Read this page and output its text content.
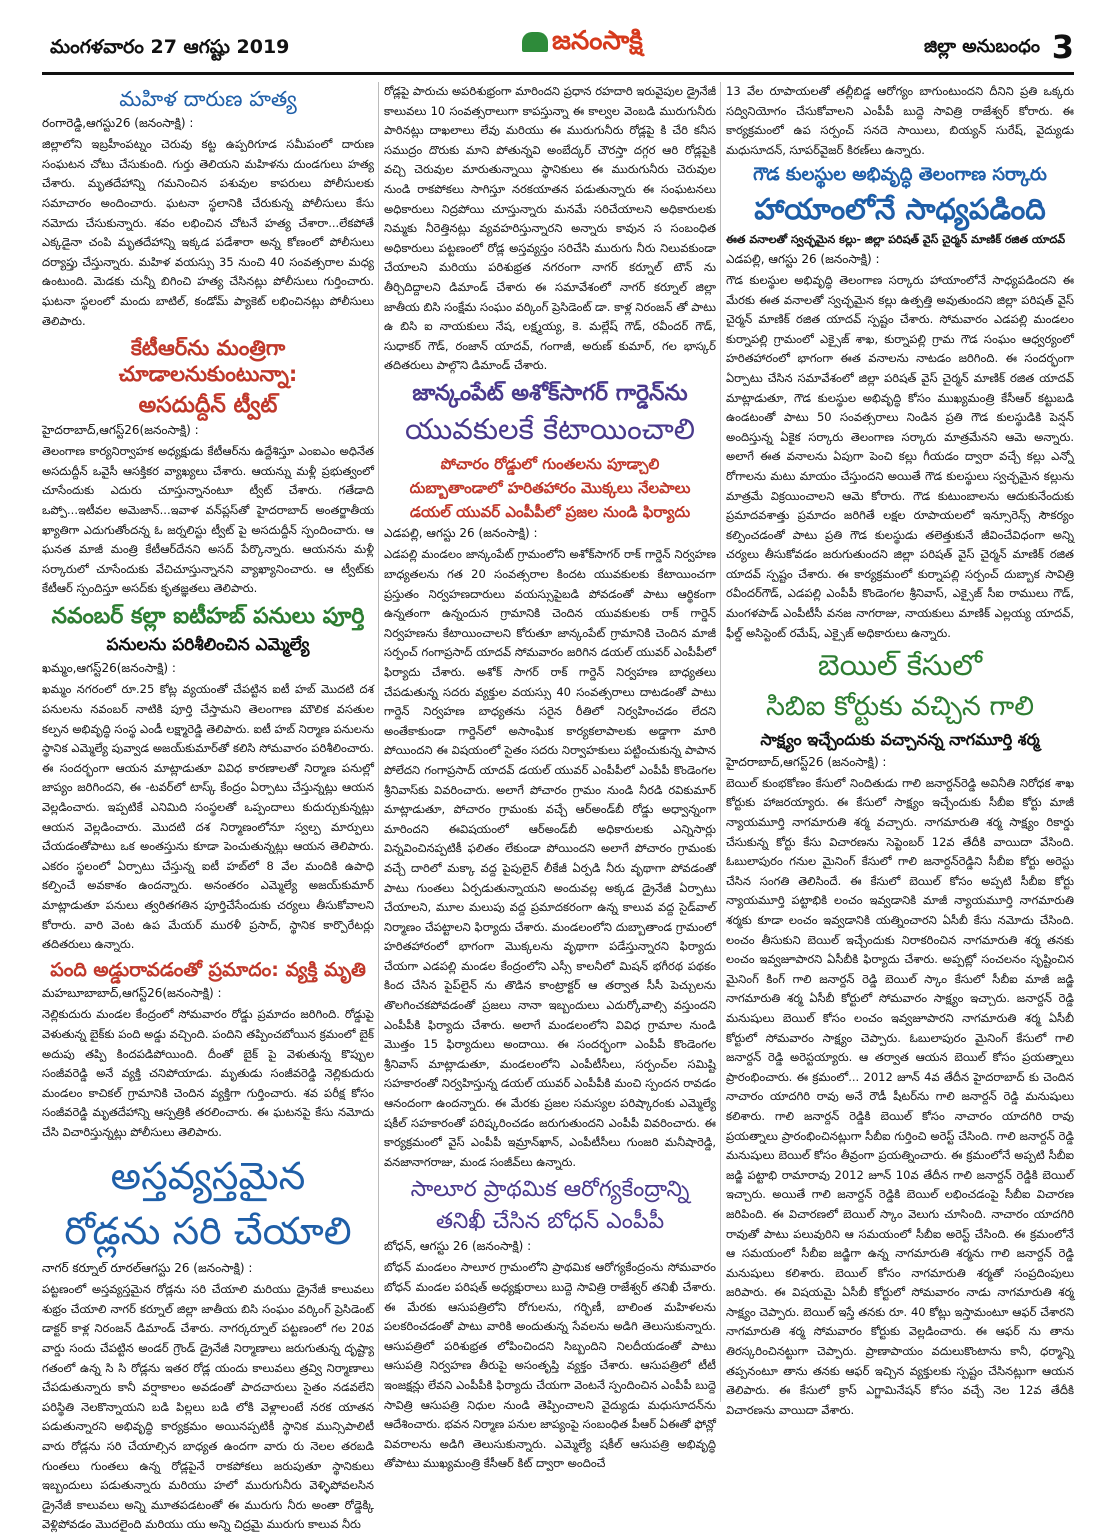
మంగళవారం 27 ఆగష్టు 2019	జనంసాక్షి	జిల్లా అనుబంధం 3
మహిళ దారుణ హత్య
రంగారెడ్డి,ఆగస్టు26 (జనంసాక్షి) :

జిల్లాలోని ఇబ్రహీంపట్నం చెరువు కట్ట ఉప్పరిగూడ సమీపంలో దారుణ సంఘటన చోటు చేసుకుంది. గుర్తు తెలియని మహిళను దుండగులు హత్య చేశారు. మృతదేహాన్ని గమనించిన పశువుల కాపరులు పోలీసులకు సమాచారం అందించారు. ఘటనా స్థలానికి చేరుకున్న పోలీసులు కేసు నమోదు చేసుకున్నారు. శవం లభించిన చోటనే హత్య చేశారా...లేకపోతే ఎక్కడైనా చంపి మృతదేహాన్ని ఇక్కడ పడేశారా అన్న కోణంలో పోలీసులు దర్యాప్తు చేస్తున్నారు. మహిళ వయస్సు 35 నుంచి 40 సంవత్సరాల మధ్య ఉంటుంది. మెడకు చున్నీ బిగించి హత్య చేసినట్లు పోలీసులు గుర్తించారు. ఘటనా స్థలంలో మందు బాటిల్, కండోమ్ ప్యాకెట్ లభించినట్లు పోలీసులు తెలిపారు.

కేటీఆర్‌ను మంత్రిగా చూడాలనుకుంటున్నా:
అసదుద్దీన్ ట్వీట్
హైదరాబాద్,ఆగస్ట్26(జనంసాక్షి) :

తెలంగాణ కార్యనిర్వాహక అధ్యక్షుడు కేటీఆర్‌ను ఉద్దేశిస్తూ ఎంఐఎం అధినేత అసదుద్దీన్ ఒవైసీ ఆసక్తికర వ్యాఖ్యలు చేశారు. ఆయన్ను మళ్లీ ప్రభుత్వంలో చూసేందుకు ఎదురు చూస్తున్నానంటూ ట్వీట్ చేశారు. గతేడాది ఒప్పో...ఇటీవల అమెజాన్...ఇవాళ వన్‌ప్లస్‌తో హైదరాబాద్ అంతర్జాతీయ ఖ్యాతిగా ఎదుగుతోందన్న ఓ జర్నలిస్టు ట్వీట్ పై అసదుద్దీన్ స్పందించారు. ఆ ఘనత మాజీ మంత్రి కేటీఆర్‌దేనని అసద్ పేర్కొన్నారు. ఆయనను మళ్లీ సర్కారులో చూసేందుకు వేచిచూస్తున్నానని వ్యాఖ్యానించారు. ఆ ట్వీట్‌కు కేటీఆర్ స్పందిస్తూ అసద్‌కు కృతజ్ఞతలు తెలిపారు.

నవంబర్ కల్లా ఐటీహబ్ పనులు పూర్తి
పనులను పరిశీలించిన ఎమ్మెల్యే
ఖమ్మం,ఆగస్ట్26(జనంసాక్షి) :

ఖమ్మం నగరంలో రూ.25 కోట్ల వ్యయంతో చేపట్టిన ఐటీ హబ్ మొదటి దశ పనులను నవంబర్ నాటికి పూర్తి చేస్తామని తెలంగాణ మౌలిక వసతుల కల్పన అభివృద్ధి సంస్థ ఎండీ లక్ష్మారెడ్డి తెలిపారు. ఐటీ హబ్ నిర్మాణ పనులను స్థానిక ఎమ్మెల్యే పువ్వాడ అజయ్‌కుమార్‌తో కలిసి సోమవారం పరిశీలించారు. ఈ సందర్భంగా ఆయన మాట్లాడుతూ వివిధ కారణాలతో నిర్మాణ పనుల్లో జాప్యం జరిగిందని, ఈ -టవర్‌లో టాస్క్ కేంద్రం ఏర్పాటు చేస్తున్నట్లు ఆయన వెల్లడించారు. ఇప్పటికే ఎనిమిది సంస్థలతో ఒప్పందాలు కుదుర్చుకున్నట్లు ఆయన వెల్లడించారు. మొదటి దశ నిర్మాణంలోనూ స్వల్ప మార్పులు చేయడంతోపాటు ఒక అంతస్తును కూడా పెంచుతున్నట్లు ఆయన తెలిపారు. ఎకరం స్థలంలో ఏర్పాటు చేస్తున్న ఐటీ హబ్‌లో 8 వేల మందికి ఉపాధి కల్పించే అవకాశం ఉందన్నారు. అనంతరం ఎమ్మెల్యే అజయ్‌కుమార్ మాట్లాడుతూ పనులు త్వరితగతిన పూర్తిచేసేందుకు చర్యలు తీసుకోవాలని కోరారు. వారి వెంట ఉప మేయర్ మురళీ ప్రసాద్, స్థానిక కార్పొరేటర్లు తదితరులు ఉన్నారు.

పంది అడ్డురావడంతో ప్రమాదం: వ్యక్తి మృతి
మహబూబాబాద్,ఆగస్ట్26(జనంసాక్షి) :

నెల్లికుదురు మండల కేంద్రంలో సోమవారం రోడ్డు ప్రమాదం జరిగింది. రోడ్డుపై వెళుతున్న బైక్‌కు పంది అడ్డు వచ్చింది. పందిని తప్పించబోయిన క్రమంలో బైక్ అదుపు తప్పి కిందపడిపోయింది. దీంతో బైక్ పై వెళుతున్న కొప్పుల సంజీవరెడ్డి అనే వ్యక్తి చనిపోయాడు. మృతుడు సంజీవరెడ్డి నెల్లికుదురు మండలం కాచికల్ గ్రామానికి చెందిన వ్యక్తిగా గుర్తించారు. శవ పరీక్ష కోసం సంజీవరెడ్డి మృతదేహాన్ని ఆస్పత్రికి తరలించారు. ఈ ఘటనపై కేసు నమోదు చేసి విచారిస్తున్నట్లు పోలీసులు తెలిపారు.

అస్తవ్యస్తమైన
రోడ్లను సరి చేయాలి
నాగర్ కర్నూల్ రూరల్‌ఆగస్టు 26 (జనంసాక్షి) :

పట్టణంలో అస్తవ్యస్తమైన రోడ్లను సరి చేయాలి మరియు డ్రైనేజీ కాలువలు శుభ్రం చేయాలి నాగర్ కర్నూల్ జిల్లా జాతీయ బిసి సంఘం వర్కింగ్ ప్రెసిడెంట్ డాక్టర్ కాళ్ల నిరంజన్ డిమాండ్ చేశారు. నాగర్కర్నూల్ పట్టణంలో గల 20వ వార్డు సందు చేపట్టిన అండర్ గ్రౌండ్ డ్రైనేజీ నిర్మాణాలు జరుగుతున్న దృష్ట్యా గతంలో ఉన్న సి సి రోడ్లను ఇతర రోడ్ల యందు కాలువలు త్రవ్వి నిర్మాణాలు చేపడుతున్నారు కానీ వర్షాకాలం అవడంతో పాదచారులు సైతం నడవలేని పరిస్థితి నెలకొన్నాయని బడి పిల్లలు బడి లోకి వెళ్లాలంటే నరక యాతన పడుతున్నారని అభివృద్ధి కార్యక్రమం అయినప్పటికీ స్థానిక మున్సిపాలిటీ వారు రోడ్లను సరి చేయాల్సిన బాధ్యత ఉందగా వారు రు నెలల తరబడి గుంతలు గుంతలు ఉన్న రోడ్లపైనే రాకపోకలు జరుపుతూ స్థానికులు ఇబ్బందులు పడుతున్నారు మరియు హలో మురుగునీరు వెళ్ళిపోవలసిన డ్రైనేజీ కాలువలు అన్ని మూతపడటంతో ఈ మురుగు నీరు అంతా రోడ్డెక్కి వెళ్లిపోవడం మొదలైంది మరియు యు అన్ని చిద్రమై మురుగు కాలువ నీరు

రోడ్లపై పారుచు అపరిశుభ్రంగా మారిందని ప్రధాన రహదారి ఇరువైపుల డ్రైనేజీ కాలువలు 10 సంవత్సరాలుగా కాపస్తున్నా ఈ కాల్వల వెంబడి మురుగునీరు పారినట్లు దాఖలాలు లేవు మరియు ఈ మురుగునీరు రోడ్లపై కి చేరి కనీస సముద్రం దొరుకు మాని పోతున్నవి అంబేద్కర్ చౌరస్తా దగ్గర ఆరి రోడ్లపైకి వచ్చి చెరువుల మారుతున్నాయి స్థానికులు ఈ మురుగునీరు చెరువుల నుండి రాకపోకలు సాగిస్తూ నరకయాతన పడుతున్నారు ఈ సంఘటనలు అధికారులు నిద్రపోయి చూస్తున్నారు మనమే సరిచేయాలని అధికారులకు నిమ్మకు నీరెత్తినట్లు వ్యవహరిస్తున్నారని అన్నారు కావున స సంబంధిత అధికారులు పట్టణంలో రోడ్ల అస్తవ్యస్తం సరిచేసి మురుగు నీరు నిలువకుండా చేయాలని మరియు పరిశుభ్రత నగరంగా నాగర్ కర్నూల్ టౌన్ ను తీర్చిదిద్దాలని డిమాండ్ చేశారు ఈ సమావేశంలో నాగర్ కర్నూల్ జిల్లా జాతీయ బిసి సంక్షేమ సంఘం వర్కింగ్ ప్రెసిడెంట్ డా. కాళ్ల నిరంజన్ తో పాటు ఉ బిసి ఐ నాయకులు నేష, లక్ష్మయ్య, కె. మల్లేష్ గౌడ్, రవీందర్ గౌడ్, సుధాకర్ గౌడ్, రంజాన్ యాదవ్, గంగాజీ, అరుణ్ కుమార్, గల భాస్కర్ తదితరులు పాల్గొని డిమాండ్ చేశారు.

జాన్కంపేట్ అశోక్‌సాగర్ గార్డెన్‌ను
యువకులకే కేటాయించాలి
పోచారం రోడ్డులో గుంతలను పూడ్చాలి
దుబ్బాతాండాలో హరితహారం మొక్కలు నేలపాలు
డయల్ యువర్ ఎంపీపీలో ప్రజల నుండి ఫిర్యాదు
ఎడపల్లి, ఆగస్టు 26 (జనంసాక్షి) :

ఎడపల్లి మండలం జాన్కంపేట్ గ్రామంలోని అశోక్‌సాగర్ రాక్ గార్డెన్ నిర్వహణ బాధ్యతలను గత 20 సంవత్సరాల కిందట యువకులకు కేటాయించగా ప్రస్తుతం నిర్వహణదారులు వయస్సుపైబడి పోవడంతో పాటు ఆర్థికంగా ఉన్నతంగా ఉన్నందున గ్రామానికి చెందిన యువకులకు రాక్ గార్డెన్ నిర్వహణను కేటాయించాలని కోరుతూ జాన్కంపేట్ గ్రామానికి చెందిన మాజీ సర్పంచ్ గంగాప్రసాద్ యాదవ్ సోమవారం జరిగిన డయల్ యువర్ ఎంపీపీలో ఫిర్యాదు చేశారు. అశోక్ సాగర్ రాక్ గార్డెన్ నిర్వహణ బాధ్యతలు చేపడుతున్న సదరు వ్యక్తుల వయస్సు 40 సంవత్సరాలు దాటడంతో పాటు గార్డెన్ నిర్వహణ బాధ్యతను సరైన రీతిలో నిర్వహించడం లేదని అంతేకాకుండా గార్డెన్‌లో అసాంఘిక కార్యకలాపాలకు అడ్డాగా మారి పోయిందని ఈ విషయంలో సైతం సదరు నిర్వాహకులు పట్టించుకున్న పాపాన పోలేదని గంగాప్రసాద్ యాదవ్ డయల్ యువర్ ఎంపీపీలో ఎంపీపీ కొండెంగల శ్రీనివాస్‌కు వివరించారు. అలాగే పోచారం గ్రామం నుండి నీరడి రవికుమార్ మాట్లాడుతూ, పోచారం గ్రామంకు వచ్చే ఆర్అండ్‌బీ రోడ్డు అధ్వాన్నంగా మారిందని ఈవిషయంలో ఆర్అండ్‌బీ అధికారులకు ఎన్నిసార్లు విన్నవించినప్పటికీ ఫలితం లేకుండా పోయిందని అలాగే పోచారం గ్రామంకు వచ్చే దారిలో మక్కా వద్ద పైపులైన్ లీకేజీ ఏర్పడి నీరు వృథాగా పోవడంతో పాటు గుంతలు ఏర్పడుతున్నాయని అందువల్ల అక్కడ డ్రైనేజీ ఏర్పాటు చేయాలని, మూల మలుపు వద్ద ప్రమాదకరంగా ఉన్న కాలువ వద్ద సైడ్‌వాల్ నిర్మాణం చేపట్టాలని ఫిర్యాదు చేశారు. మండలంలోని దుబ్బాతాండ గ్రామంలో హరితహారంలో భాగంగా మొక్కలను వృథాగా పడేస్తున్నారని ఫిర్యాదు చేయగా ఎడపల్లి మండల కేంద్రంలోని ఎస్సీ కాలనీలో మిషన్ భగీరథ పథకం కింద చేసిన పైప్‌లైన్ ను తొడిన కాంట్రాక్టర్ ఆ తర్వాత సీసీ పెచ్చులను తొలగించకపోవడంతో ప్రజలు నానా ఇబ్బందులు ఎదుర్కోవాల్సి వస్తుందని ఎంపీపీకి ఫిర్యాదు చేశారు. అలాగే మండలంలోని వివిధ గ్రామాల నుండి మొత్తం 15 ఫిర్యాదులు అందాయి. ఈ సందర్భంగా ఎంపీపీ కొండెంగల శ్రీనివాస్ మాట్లాడుతూ, మండలంలోని ఎంపీటీసీలు, సర్పంచ్‌ల సమిష్టి సహకారంతో నిర్వహిస్తున్న డయల్ యువర్ ఎంపీపీకి మంచి స్పందన రావడం ఆనందంగా ఉందన్నారు. ఈ మేరకు ప్రజల సమస్యల పరిష్కారంకు ఎమ్మెల్యే షకీల్ సహకారంతో పరిష్కరించడం జరుగుతుందని ఎంపీపీ వివరించారు. ఈ కార్యక్రమంలో వైస్ ఎంపీపీ ఇమ్రాన్‌ఖాన్, ఎంపీటీసీలు గుంజరి మనీషారెడ్డి, వనజానాగరాజు, మండ సంజీవ్‌లు ఉన్నారు.

సాలూర ప్రాథమిక ఆరోగ్యకేంద్రాన్ని
తనిఖీ చేసిన బోధన్ ఎంపీపీ
బోధన్, ఆగస్టు 26 (జనంసాక్షి) :

బోధన్ మండలం సాలూర గ్రామంలోని ప్రాథమిక ఆరోగ్యకేంద్రంను సోమవారం బోధన్ మండల పరిషత్ అధ్యక్షురాలు బుద్దె సావిత్రి రాజేశ్వర్ తనిఖీ చేశారు. ఈ మేరకు ఆసుపత్రిలోని రోగులను, గర్భిణీ, బాలింత మహిళలను పలకరించడంతో పాటు వారికి అందుతున్న సేవలను అడిగి తెలుసుకున్నారు. ఆసుపత్రిలో పరిశుభ్రత లోపించిందని సిబ్బందిని నిలదీయడంతో పాటు ఆసుపత్రి నిర్వహణ తీరుపై అసంతృప్తి వ్యక్తం చేశారు. ఆసుపత్రిలో టీటీ ఇంజక్షన్లు లేవని ఎంపీపీకి ఫిర్యాదు చేయగా వెంటనే స్పందించిన ఎంపీపీ బుద్దె సావిత్రి ఆసుపత్రి నిధుల నుండి తెప్పించాలని వైద్యుడు మధుసూదన్‌ను ఆదేశించారు. భవన నిర్మాణ పనుల జాప్యంపై సంబంధిత పీఆర్ ఏఈతో ఫోన్లో వివరాలను అడిగి తెలుసుకున్నారు. ఎమ్మెల్యే షకీల్ ఆసుపత్రి అభివృద్ధి తోపాటు ముఖ్యమంత్రి కేసీఆర్ కిట్ ద్వారా అందించే

13 వేల రూపాయలతో తల్లీబిడ్డ ఆరోగ్యం బాగుంటుందని దీనిని ప్రతి ఒక్కరు సద్వినియోగం చేసుకోవాలని ఎంపీపీ బుద్దె సావిత్రి రాజేశ్వర్ కోరారు. ఈ కార్యక్రమంలో ఉప సర్పంచ్ సనదె సాయిలు, బియ్యన్ సురేష్, వైద్యుడు మధుసూదన్, సూపర్‌వైజర్ కిరణ్‌లు ఉన్నారు.

గౌడ కులస్థుల అభివృద్ధి తెలంగాణ సర్కారు
హాయాంలోనే సాధ్యపడింది
ఈత వనాలతో స్వచ్ఛమైన కల్లు- జిల్లా పరిషత్ వైస్ చైర్మన్ మాణిక్ రజిత యాదవ్
ఎడపల్లి, ఆగస్టు 26 (జనంసాక్షి) :

గౌడ కులస్థుల అభివృద్ధి తెలంగాణ సర్కారు హాయాంలోనే సాధ్యపడిందని ఈ మేరకు ఈత వనాలతో స్వచ్ఛమైన కల్లు ఉత్పత్తి అవుతుందని జిల్లా పరిషత్ వైస్ చైర్మన్ మాణిక్ రజిత యాదవ్ స్పష్టం చేశారు. సోమవారం ఎడపల్లి మండలం కుర్నాపల్లి గ్రామంలో ఎక్సైజ్ శాఖ, కుర్నాపల్లి గ్రామ గౌడ సంఘం ఆధ్వర్యంలో హరితహారంలో భాగంగా ఈత వనాలను నాటడం జరిగింది. ఈ సందర్భంగా ఏర్పాటు చేసిన సమావేశంలో జిల్లా పరిషత్ వైస్ చైర్మన్ మాణిక్ రజిత యాదవ్ మాట్లాడుతూ, గౌడ కులస్థుల అభివృద్ధి కోసం ముఖ్యమంత్రి కేసీఆర్ కట్టుబడి ఉండటంతో పాటు 50 సంవత్సరాలు నిండిన ప్రతి గౌడ కులస్థుడికి పెన్షన్ అందిస్తున్న ఏకైక సర్కారు తెలంగాణ సర్కారు మాత్రమేనని ఆమె అన్నారు. అలాగే ఈత వనాలను ఏపుగా పెంచి కల్లు గీయడం ద్వారా వచ్చే కల్లు ఎన్నో రోగాలను మటు మాయం చేస్తుందని అయితే గౌడ కులస్థులు స్వచ్ఛమైన కల్లును మాత్రమే విక్రయించాలని ఆమె కోరారు. గౌడ కుటుంబాలను ఆదుకునేందుకు ప్రమాదవశాత్తు ప్రమాదం జరిగితే లక్షల రూపాయలలో ఇన్సూరెన్స్ సౌకర్యం కల్పించడంతో పాటు ప్రతి గౌడ కులస్థుడు తలెత్తుకునే జీవించేవిధంగా అన్ని చర్యలు తీసుకోవడం జరుగుతుందని జిల్లా పరిషత్ వైస్ చైర్మన్ మాణిక్ రజిత యాదవ్ స్పష్టం చేశారు. ఈ కార్యక్రమంలో కుర్నాపల్లి సర్పంచ్ దుబ్బాక సావిత్రి రవీందర్‌గౌడ్, ఎడపల్లి ఎంపీపీ కొండెంగల శ్రీనివాస్, ఎక్సైజ్ సీఐ రాములు గౌడ్, మంగళపాడ్ ఎంపీటీసీ వనజ నాగరాజు, నాయకులు మాణిక్ ఎల్లయ్య యాదవ్, ఫీల్డ్ అసిస్టెంట్ రమేష్, ఎక్సైజ్ అధికారులు ఉన్నారు.

బెయిల్ కేసులో
సిబిఐ కోర్టుకు వచ్చిన గాలి
సాక్ష్యం ఇచ్చేందుకు వచ్చానన్న నాగమూర్తి శర్మ
హైదరాబాద్,ఆగస్ట్26 (జనంసాక్షి) :

బెయిల్ కుంభకోణం కేసులో నిందితుడు గాలి జనార్దన్‌రెడ్డి అవినీతి నిరోధక శాఖ కోర్టుకు హాజరయ్యారు. ఈ కేసులో సాక్ష్యం ఇచ్చేందుకు సీబీఐ కోర్టు మాజీ న్యాయమూర్తి నాగమారుతి శర్మ వచ్చారు. నాగమారుతి శర్మ సాక్ష్యం రికార్డు చేసుకున్న కోర్టు కేసు విచారణను సెప్టెంబర్ 12వ తేదీకి వాయిదా వేసింది. ఓబులాపురం గనుల మైనింగ్ కేసులో గాలి జనార్దన్‌రెడ్డిని సీబీఐ కోర్టు అరెస్టు చేసిన సంగతి తెలిసిందే. ఈ కేసులో బెయిల్ కోసం అప్పటి సీబీఐ కోర్టు న్యాయమూర్తి పట్టాభికి లంచం ఇవ్వడానికి మాజీ న్యాయమూర్తి నాగమారుతి శర్మకు కూడా లంచం ఇవ్వడానికి యత్నించారని ఏసీబీ కేసు నమోదు చేసింది. లంచం తీసుకుని బెయిల్ ఇచ్చేందుకు నిరాకరించిన నాగమారుతి శర్మ తనకు లంచం ఇవ్వజూపారని ఏసీబీకి ఫిర్యాదు చేశారు. అప్పట్లో సంచలనం సృష్టించిన మైనింగ్ కింగ్ గాలి జనార్దన్ రెడ్డి బెయిల్ స్కాం కేసులో సీబీఐ మాజీ జడ్జి నాగమారుతి శర్మ ఏసీబీ కోర్టులో సోమవారం సాక్ష్యం ఇచ్చారు. జనార్దన్ రెడ్డి మనుషులు బెయిల్ కోసం లంచం ఇవ్వజూపారని నాగమారుతి శర్మ ఏసీబీ కోర్టులో సోమవారం సాక్ష్యం చెప్పారు. ఓబులాపురం మైనింగ్ కేసులో గాలి జనార్దన్ రెడ్డి అరెస్టయ్యారు. ఆ తర్వాత ఆయన బెయిల్ కోసం ప్రయత్నాలు ప్రారంభించారు. ఈ క్రమంలో... 2012 జూన్ 4వ తేదీన హైదరాబాద్ కు చెందిన నాచారం యాదగిరి రావు అనే రౌడీ షీటర్‌ను గాలి జనార్దన్ రెడ్డి మనుషులు కలిశారు. గాలి జనార్దన్ రెడ్డికి బెయిల్ కోసం నాచారం యాదగిరి రావు ప్రయత్నాలు ప్రారంభించినట్లుగా సీబీఐ గుర్తించి అరెస్ట్ చేసింది. గాలి జనార్దన్ రెడ్డి మనుషులు బెయిల్ కోసం తీవ్రంగా ప్రయత్నించారు. ఈ క్రమంలోనే అప్పటి సీబీఐ జడ్జి పట్టాభి రామారావు 2012 జూన్ 10వ తేదీన గాలి జనార్దన్ రెడ్డికి బెయిల్ ఇచ్చారు. అయితే గాలి జనార్దన్ రెడ్డికి బెయిల్ లభించడంపై సీబీఐ విచారణ జరిపింది. ఈ విచారణలో బెయిల్ స్కాం వెలుగు చూసింది. నాచారం యాదగిరి రావుతో పాటు పలువురిని ఆ సమయంలో సీబీఐ అరెస్ట్ చేసింది. ఈ క్రమంలోనే ఆ సమయంలో సీబీఐ జడ్జిగా ఉన్న నాగమారుతి శర్మను గాలి జనార్దన్ రెడ్డి మనుషులు కలిశారు. బెయిల్ కోసం నాగమారుతి శర్మతో సంప్రదింపులు జరిపారు. ఈ విషయమై ఏసీబీ కోర్టులో సోమవారం నాడు నాగమారుతి శర్మ సాక్ష్యం చెప్పారు. బెయిల్ ఇస్తే తనకు రూ. 40 కోట్లు ఇస్తామంటూ ఆఫర్ చేశారని నాగమారుతి శర్మ సోమవారం కోర్టుకు వెల్లడించారు. ఈ ఆఫర్ ను తాను తిరస్కరించినట్టుగా చెప్పారు. ప్రాణాపాయం వదులుకొంటాను కానీ, ధర్మాన్ని తప్పనంటూ తాను తనకు ఆఫర్ ఇచ్చిన వ్యక్తులకు స్పష్టం చేసినట్లుగా ఆయన తెలిపారు. ఈ కేసులో క్రాస్ ఎగ్జామినేషన్ కోసం వచ్చే నెల 12వ తేదీకి విచారణను వాయిదా వేశారు.
